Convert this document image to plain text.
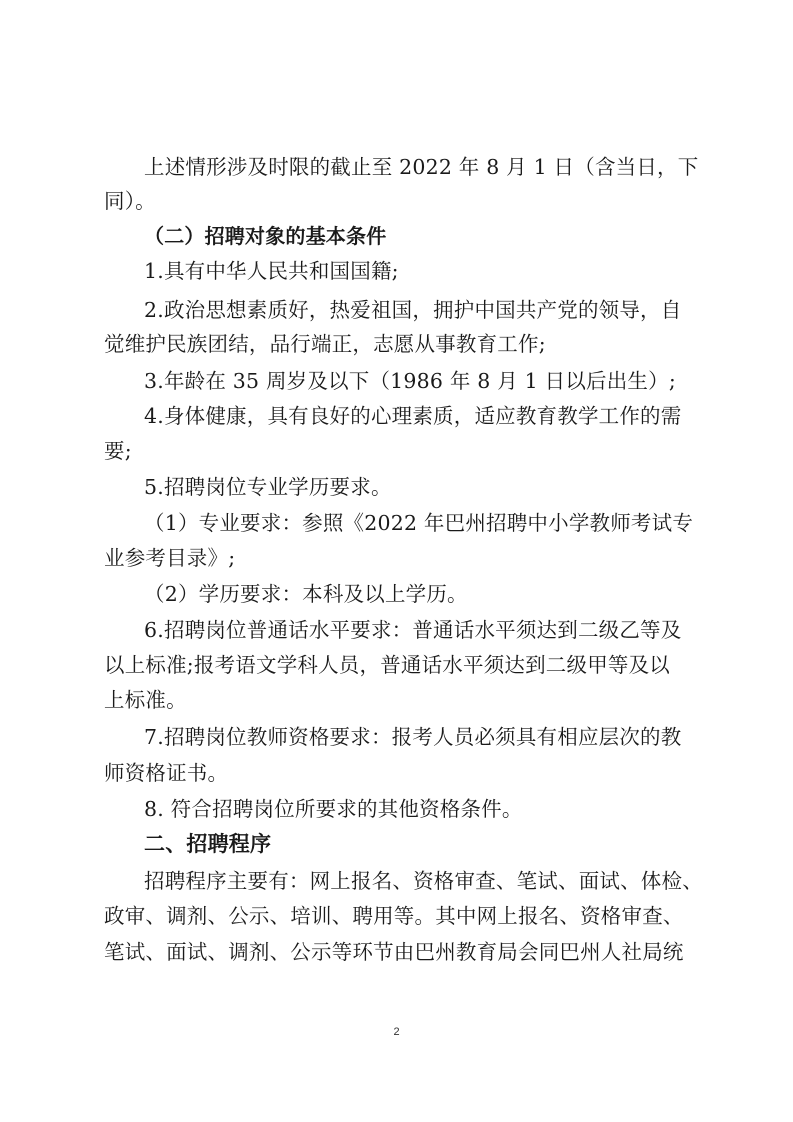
上述情形涉及时限的截止至 2022 年 8 月 1 日（含当日，下
同）。
（二）招聘对象的基本条件
1.具有中华人民共和国国籍;
2.政治思想素质好，热爱祖国，拥护中国共产党的领导，自
觉维护民族团结，品行端正，志愿从事教育工作;
3.年龄在 35 周岁及以下（1986 年 8 月 1 日以后出生）;
4.身体健康，具有良好的心理素质，适应教育教学工作的需
要;
5.招聘岗位专业学历要求。
（1）专业要求：参照《2022 年巴州招聘中小学教师考试专
业参考目录》;
（2）学历要求：本科及以上学历。
6.招聘岗位普通话水平要求：普通话水平须达到二级乙等及
以上标准;报考语文学科人员，普通话水平须达到二级甲等及以
上标准。
7.招聘岗位教师资格要求：报考人员必须具有相应层次的教
师资格证书。
8. 符合招聘岗位所要求的其他资格条件。
二、招聘程序
招聘程序主要有：网上报名、资格审查、笔试、面试、体检、
政审、调剂、公示、培训、聘用等。其中网上报名、资格审查、
笔试、面试、调剂、公示等环节由巴州教育局会同巴州人社局统
2
